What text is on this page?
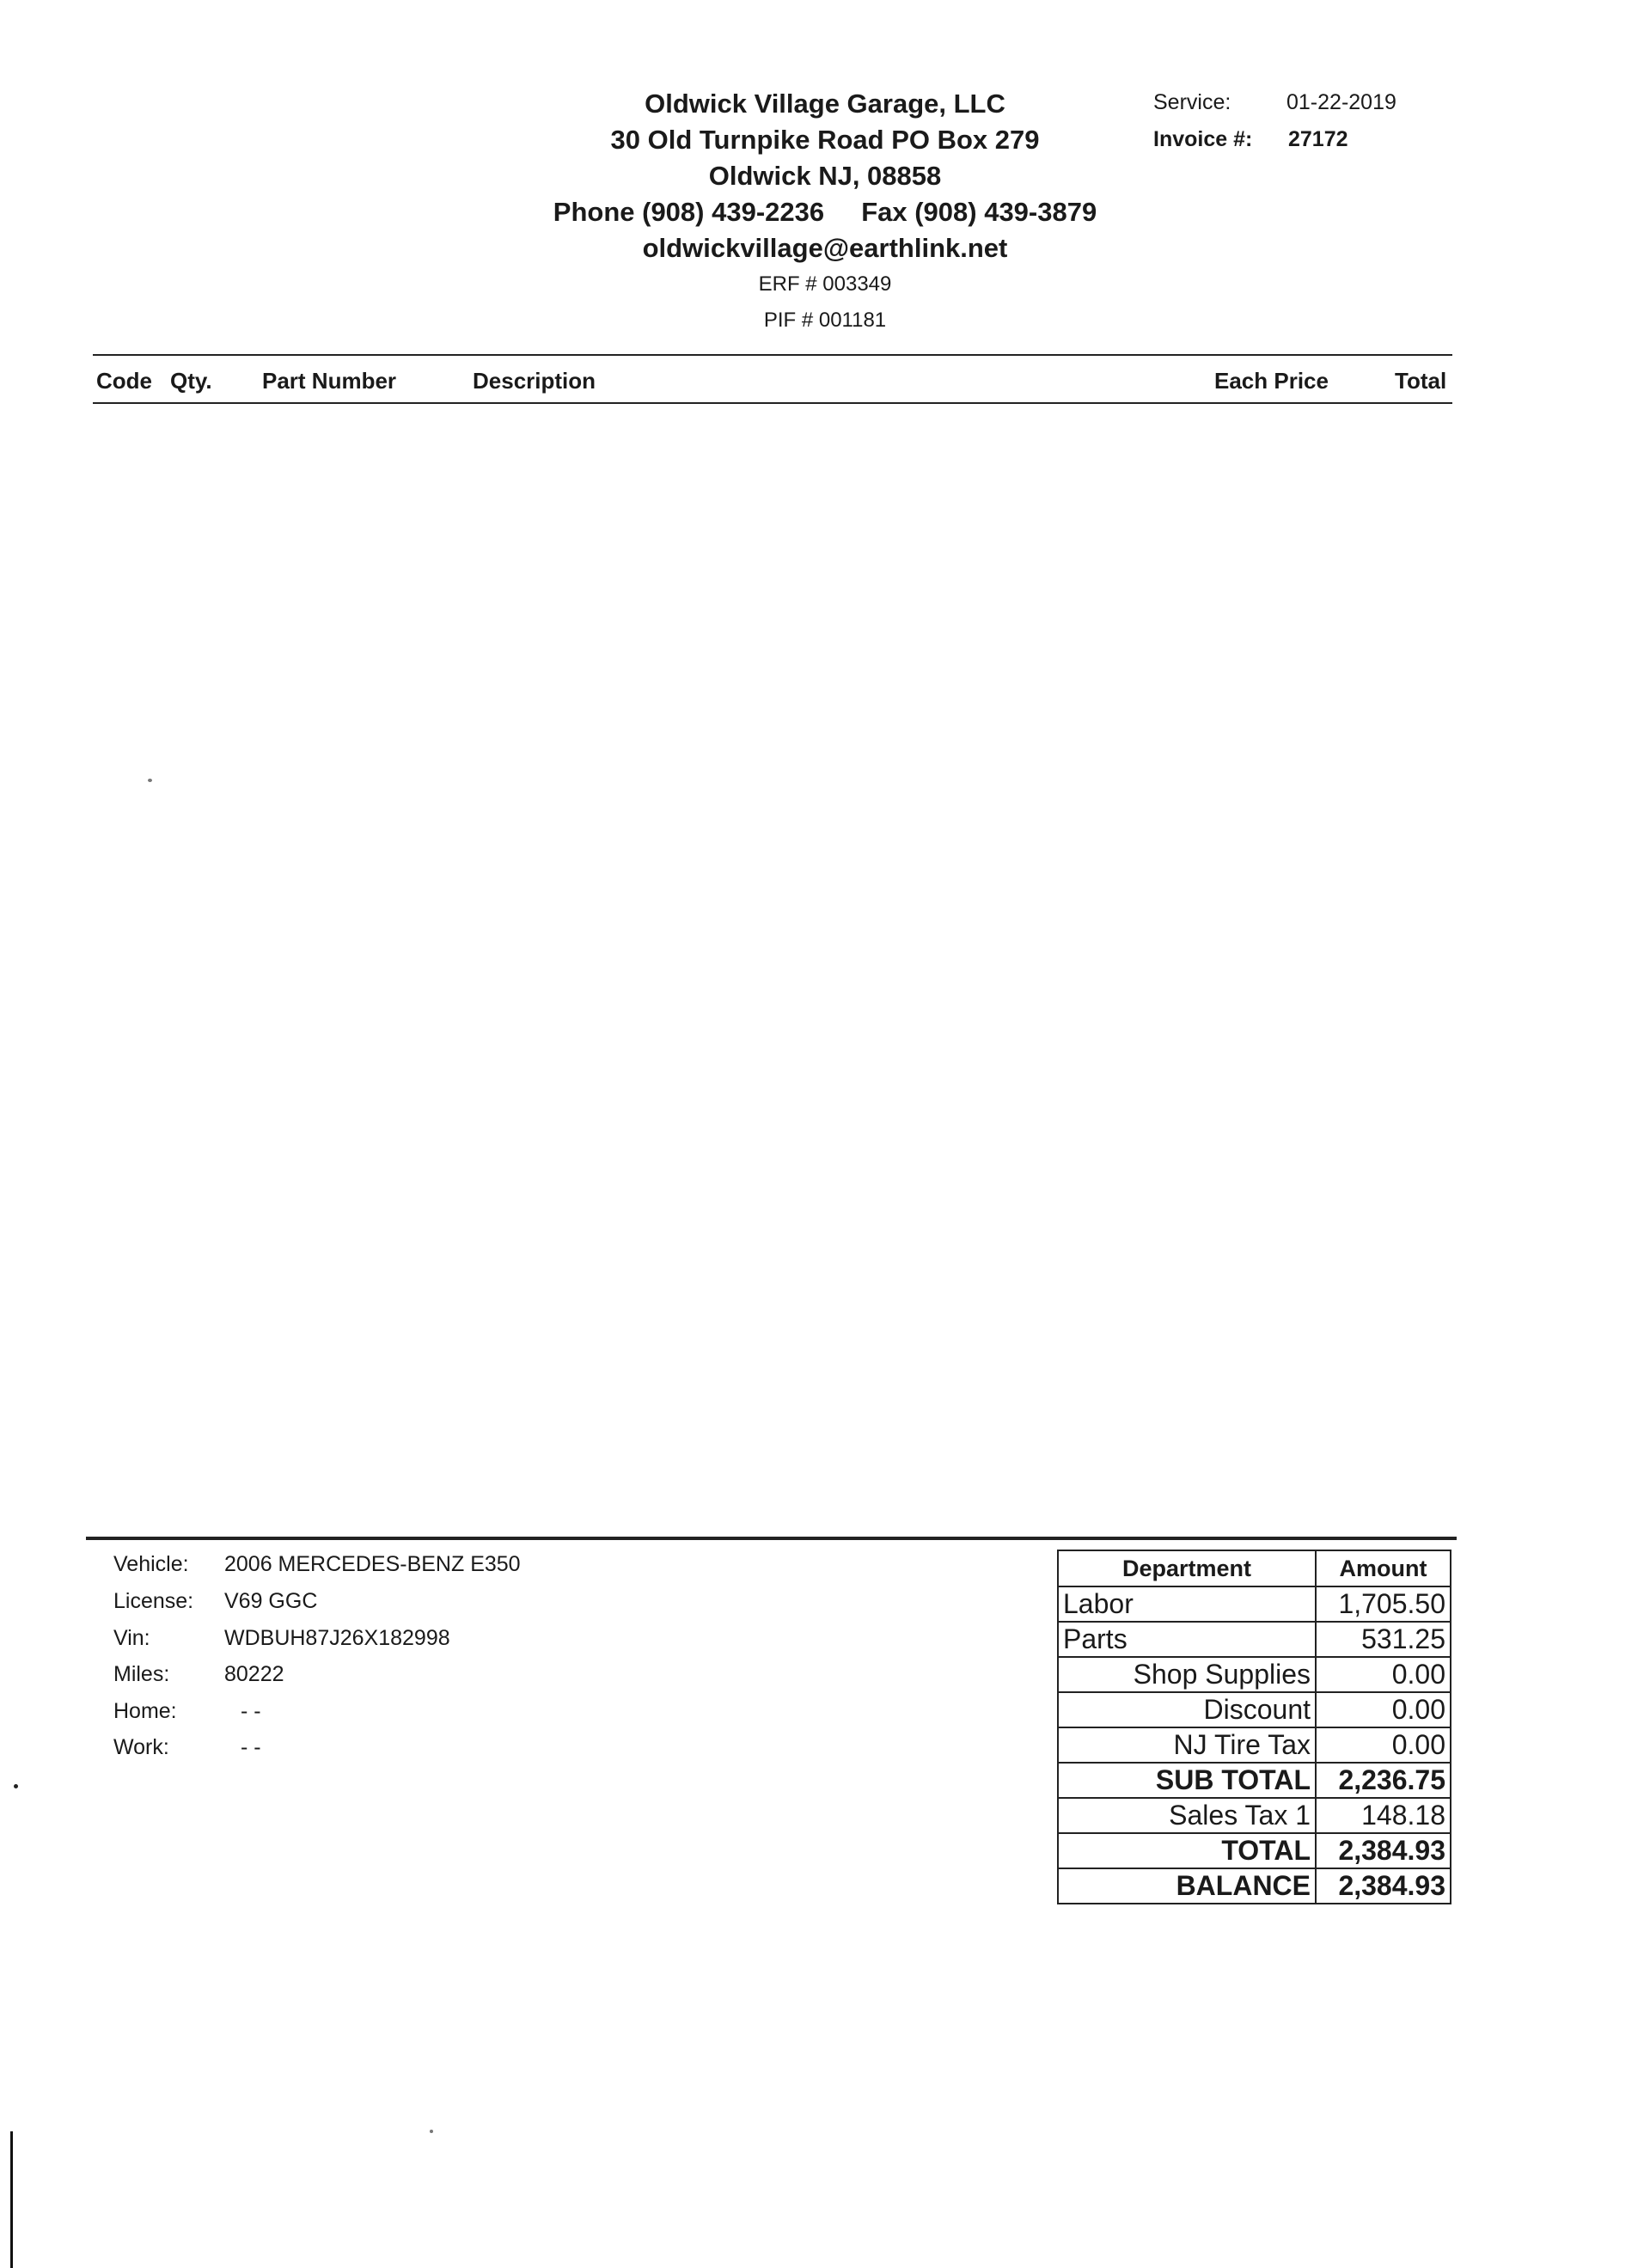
Oldwick Village Garage, LLC
30 Old Turnpike Road PO Box 279
Oldwick NJ, 08858
Phone (908) 439-2236 Fax (908) 439-3879
oldwickvillage@earthlink.net
ERF # 003349
PIF # 001181
Service:	01-22-2019
Invoice #: 27172
Code Qty. Part Number	Description	Each Price	Total
Vehicle: 2006 MERCEDES-BENZ E350
License: V69 GGC
Vin:	WDBUH87J26X182998
Miles:	80222
Home:	- -
Work:	- -
Department	Amount
Labor	1,705.50
Parts	531.25
Shop Supplies	0.00
Discount	0.00
NJ Tire Tax	0.00
SUB TOTAL	2,236.75
Sales Tax 1	148.18
TOTAL	2,384.93
BALANCE	2,384.93
